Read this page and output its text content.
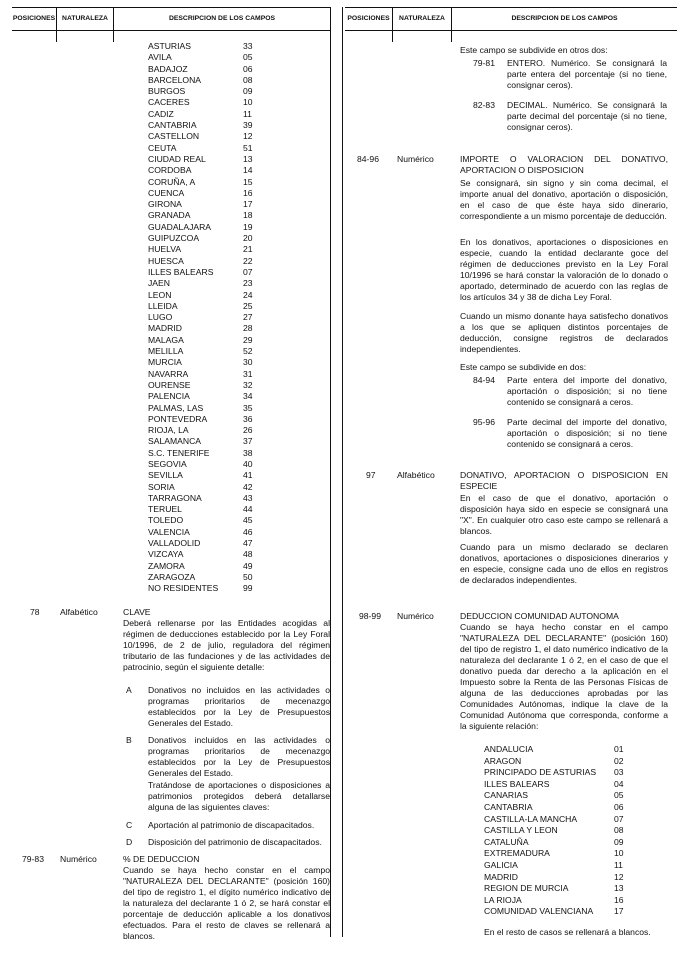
POSICIONES	NATURALEZA	DESCRIPCION DE LOS CAMPOS
ASTURIAS	33
AVILA	05
BADAJOZ	06
BARCELONA	08
BURGOS	09
CACERES	10
CADIZ	11
CANTABRIA	39
CASTELLON	12
CEUTA	51
CIUDAD REAL	13
CORDOBA	14
CORUÑA, A	15
CUENCA	16
GIRONA	17
GRANADA	18
GUADALAJARA	19
GUIPUZCOA	20
HUELVA	21
HUESCA	22
ILLES BALEARS	07
JAEN	23
LEON	24
LLEIDA	25
LUGO	27
MADRID	28
MALAGA	29
MELILLA	52
MURCIA	30
NAVARRA	31
OURENSE	32
PALENCIA	34
PALMAS, LAS	35
PONTEVEDRA	36
RIOJA, LA	26
SALAMANCA	37
S.C. TENERIFE	38
SEGOVIA	40
SEVILLA	41
SORIA	42
TARRAGONA	43
TERUEL	44
TOLEDO	45
VALENCIA	46
VALLADOLID	47
VIZCAYA	48
ZAMORA	49
ZARAGOZA	50
NO RESIDENTES	99
78 Alfabético	CLAVE
Deberá rellenarse por las Entidades acogidas al régimen de deducciones establecido por la Ley Foral 10/1996, de 2 de julio, reguladora del régimen tributario de las fundaciones y de las actividades de patrocinio, según el siguiente detalle:
A Donativos no incluidos en las actividades o programas prioritarios de mecenazgo establecidos por la Ley de Presupuestos Generales del Estado.
B Donativos incluidos en las actividades o programas prioritarios de mecenazgo establecidos por la Ley de Presupuestos Generales del Estado.
Tratándose de aportaciones o disposiciones a patrimonios protegidos deberá detallarse alguna de las siguientes claves:
C Aportación al patrimonio de discapacitados.
D Disposición del patrimonio de discapacitados.
79-83 Numérico	% DE DEDUCCION
Cuando se haya hecho constar en el campo "NATURALEZA DEL DECLARANTE" (posición 160) del tipo de registro 1, el dígito numérico indicativo de la naturaleza del declarante 1 ó 2, se hará constar el porcentaje de deducción aplicable a los donativos efectuados. Para el resto de claves se rellenará a blancos.
POSICIONES	NATURALEZA	DESCRIPCION DE LOS CAMPOS
Este campo se subdivide en otros dos:
79-81 ENTERO. Numérico. Se consignará la parte entera del porcentaje (si no tiene, consignar ceros).
82-83 DECIMAL. Numérico. Se consignará la parte decimal del porcentaje (si no tiene, consignar ceros).
84-96 Numérico	IMPORTE O VALORACION DEL DONATIVO, APORTACION O DISPOSICION
Se consignará, sin signo y sin coma decimal, el importe anual del donativo, aportación o disposición, en el caso de que éste haya sido dinerario, correspondiente a un mismo porcentaje de deducción.
En los donativos, aportaciones o disposiciones en especie, cuando la entidad declarante goce del régimen de deducciones previsto en la Ley Foral 10/1996 se hará constar la valoración de lo donado o aportado, determinado de acuerdo con las reglas de los artículos 34 y 38 de dicha Ley Foral.
Cuando un mismo donante haya satisfecho donativos a los que se apliquen distintos porcentajes de deducción, consigne registros de declarados independientes.
Este campo se subdivide en dos:
84-94 Parte entera del importe del donativo, aportación o disposición; si no tiene contenido se consignará a ceros.
95-96 Parte decimal del importe del donativo, aportación o disposición; si no tiene contenido se consignará a ceros.
97 Alfabético	DONATIVO, APORTACION O DISPOSICION EN ESPECIE
En el caso de que el donativo, aportación o disposición haya sido en especie se consignará una "X". En cualquier otro caso este campo se rellenará a blancos.
Cuando para un mismo declarado se declaren donativos, aportaciones o disposiciones dinerarios y en especie, consigne cada uno de ellos en registros de declarados independientes.
98-99 Numérico	DEDUCCION COMUNIDAD AUTONOMA
Cuando se haya hecho constar en el campo "NATURALEZA DEL DECLARANTE" (posición 160) del tipo de registro 1, el dato numérico indicativo de la naturaleza del declarante 1 ó 2, en el caso de que el donativo pueda dar derecho a la aplicación en el Impuesto sobre la Renta de las Personas Físicas de alguna de las deducciones aprobadas por las Comunidades Autónomas, indique la clave de la Comunidad Autónoma que corresponda, conforme a la siguiente relación:
ANDALUCIA	01
ARAGON	02
PRINCIPADO DE ASTURIAS	03
ILLES BALEARS	04
CANARIAS	05
CANTABRIA	06
CASTILLA-LA MANCHA	07
CASTILLA Y LEON	08
CATALUÑA	09
EXTREMADURA	10
GALICIA	11
MADRID	12
REGION DE MURCIA	13
LA RIOJA	16
COMUNIDAD VALENCIANA	17
En el resto de casos se rellenará a blancos.
